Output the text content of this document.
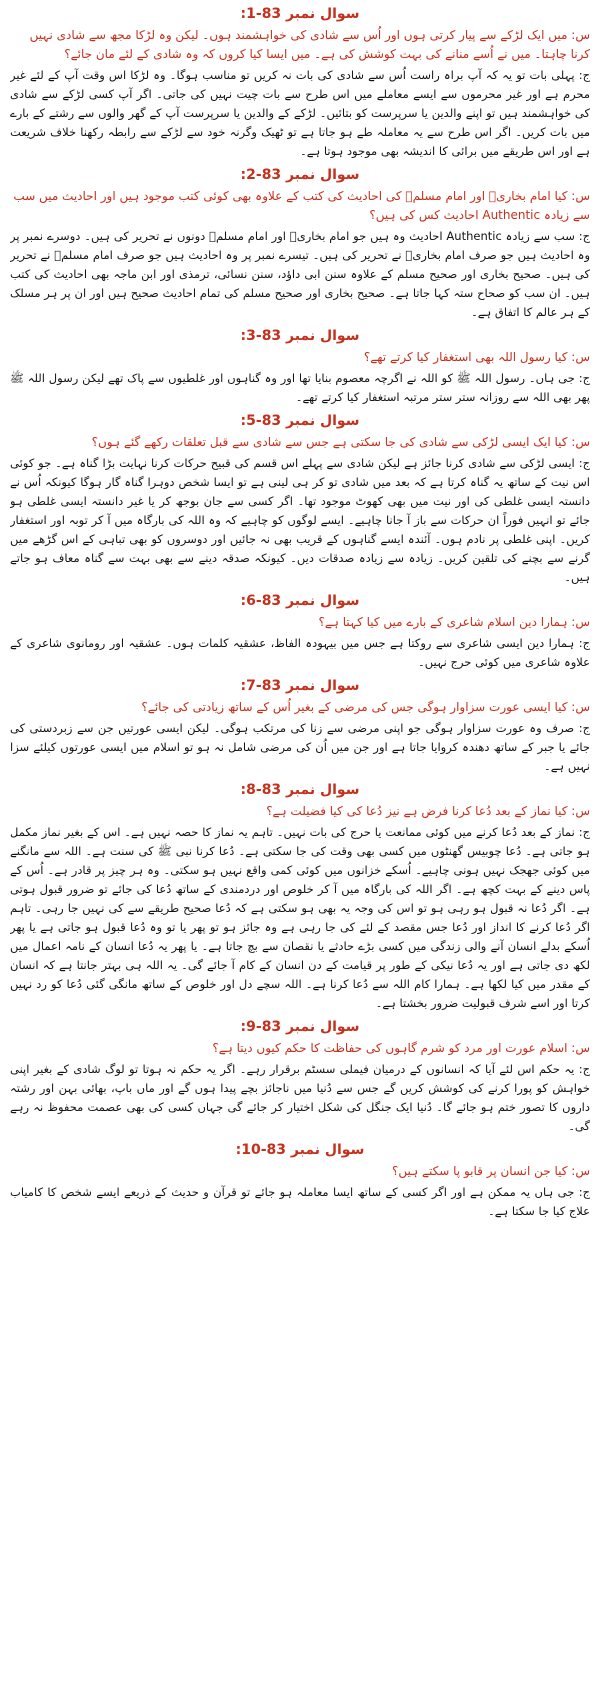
سوال نمبر 83-1:
س: میں ایک لڑکے سے پیار کرتی ہوں اور اُس سے شادی کی خواہشمند ہوں۔ لیکن وہ لڑکا مجھ سے شادی نہیں کرنا چاہتا۔ میں نے اُسے منانے کی بہت کوشش کی ہے۔ میں ایسا کیا کروں کہ وہ شادی کے لئے مان جائے؟
ج: پہلی بات تو یہ کہ آپ براہ راست اُس سے شادی کی بات نہ کریں تو مناسب ہوگا۔ وہ لڑکا اس وقت آپ کے لئے غیر محرم ہے اور غیر محرموں سے ایسے معاملے میں اس طرح سے بات چیت نہیں کی جاتی۔ اگر آپ کسی لڑکے سے شادی کی خواہشمند ہیں تو اپنے والدین یا سرپرست کو بتائیں۔ لڑکے کے والدین یا سرپرست آپ کے گھر والوں سے رشتے کے بارے میں بات کریں۔ اگر اس طرح سے یہ معاملہ طے ہو جاتا ہے تو ٹھیک وگرنہ خود سے لڑکے سے رابطہ رکھنا خلاف شریعت ہے اور اس طریقے میں برائی کا اندیشہ بھی موجود ہوتا ہے۔
سوال نمبر 83-2:
س: کیا امام بخاریؒ اور امام مسلمؒ کی احادیث کی کتب کے علاوہ بھی کوئی کتب موجود ہیں اور احادیث میں سب سے زیادہ Authentic احادیث کس کی ہیں؟
ج: سب سے زیادہ Authentic احادیث وہ ہیں جو امام بخاریؒ اور امام مسلمؒ دونوں نے تحریر کی ہیں۔ دوسرے نمبر پر وہ احادیث ہیں جو صرف امام بخاریؒ نے تحریر کی ہیں۔ تیسرے نمبر پر وہ احادیث ہیں جو صرف امام مسلمؒ نے تحریر کی ہیں۔ صحیح بخاری اور صحیح مسلم کے علاوہ سنن ابی داؤد، سنن نسائی، ترمذی اور ابن ماجہ بھی احادیث کی کتب ہیں۔ ان سب کو صحاح ستہ کہا جاتا ہے۔ صحیح بخاری اور صحیح مسلم کی تمام احادیث صحیح ہیں اور ان پر ہر مسلک کے ہر عالم کا اتفاق ہے۔
سوال نمبر 83-3:
س: کیا رسول اللہ بھی استغفار کیا کرتے تھے؟
ج: جی ہاں۔ رسول اللہ ﷺ کو اللہ نے اگرچہ معصوم بنایا تھا اور وہ گناہوں اور غلطیوں سے پاک تھے لیکن رسول اللہ ﷺ پھر بھی اللہ سے روزانہ ستر ستر مرتبہ استغفار کیا کرتے تھے۔
سوال نمبر 83-5:
س: کیا ایک ایسی لڑکی سے شادی کی جا سکتی ہے جس سے شادی سے قبل تعلقات رکھے گئے ہوں؟
ج: ایسی لڑکی سے شادی کرنا جائز ہے لیکن شادی سے پہلے اس قسم کی قبیح حرکات کرنا نہایت بڑا گناہ ہے۔ جو کوئی اس نیت کے ساتھ یہ گناہ کرتا ہے کہ بعد میں شادی تو کر ہی لینی ہے تو ایسا شخص دوہرا گناہ گار ہوگا کیونکہ اُس نے دانستہ ایسی غلطی کی اور نیت میں بھی کھوٹ موجود تھا۔ اگر کسی سے جان بوجھ کر یا غیر دانستہ ایسی غلطی ہو جائے تو انہیں فوراً ان حرکات سے باز آ جانا چاہیے۔ ایسے لوگوں کو چاہیے کہ وہ اللہ کی بارگاہ میں آ کر توبہ اور استغفار کریں۔ اپنی غلطی پر نادم ہوں۔ آئندہ ایسے گناہوں کے قریب بھی نہ جائیں اور دوسروں کو بھی تباہی کے اس گڑھے میں گرنے سے بچنے کی تلقین کریں۔ زیادہ سے زیادہ صدقات دیں۔ کیونکہ صدقہ دینے سے بھی بہت سے گناہ معاف ہو جاتے ہیں۔
سوال نمبر 83-6:
س: ہمارا دین اسلام شاعری کے بارے میں کیا کہتا ہے؟
ج: ہمارا دین ایسی شاعری سے روکتا ہے جس میں بیہودہ الفاظ، عشقیہ کلمات ہوں۔ عشقیہ اور رومانوی شاعری کے علاوہ شاعری میں کوئی حرج نہیں۔
سوال نمبر 83-7:
س: کیا ایسی عورت سزاوار ہوگی جس کی مرضی کے بغیر اُس کے ساتھ زیادتی کی جائے؟
ج: صرف وہ عورت سزاوار ہوگی جو اپنی مرضی سے زنا کی مرتکب ہوگی۔ لیکن ایسی عورتیں جن سے زبردستی کی جائے یا جبر کے ساتھ دھندہ کروایا جاتا ہے اور جن میں اُن کی مرضی شامل نہ ہو تو اسلام میں ایسی عورتوں کیلئے سزا نہیں ہے۔
سوال نمبر 83-8:
س: کیا نماز کے بعد دُعا کرنا فرض ہے نیز دُعا کی کیا فضیلت ہے؟
ج: نماز کے بعد دُعا کرنے میں کوئی ممانعت یا حرج کی بات نہیں۔ تاہم یہ نماز کا حصہ نہیں ہے۔ اس کے بغیر نماز مکمل ہو جاتی ہے۔ دُعا چوبیس گھنٹوں میں کسی بھی وقت کی جا سکتی ہے۔ دُعا کرنا نبی ﷺ کی سنت ہے۔ اللہ سے مانگنے میں کوئی جھجک نہیں ہونی چاہیے۔ اُسکے خزانوں میں کوئی کمی واقع نہیں ہو سکتی۔ وہ ہر چیز پر قادر ہے۔ اُس کے پاس دینے کے بہت کچھ ہے۔ اگر اللہ کی بارگاہ میں آ کر خلوص اور دردمندی کے ساتھ دُعا کی جائے تو ضرور قبول ہوتی ہے۔ اگر دُعا نہ قبول ہو رہی ہو تو اس کی وجہ یہ بھی ہو سکتی ہے کہ دُعا صحیح طریقے سے کی نہیں جا رہی۔ تاہم اگر دُعا کرنے کا انداز اور دُعا جس مقصد کے لئے کی جا رہی ہے وہ جائز ہو تو پھر یا تو وہ دُعا قبول ہو جاتی ہے یا پھر اُسکے بدلے انسان آنے والی زندگی میں کسی بڑے حادثے یا نقصان سے بچ جاتا ہے۔ یا پھر یہ دُعا انسان کے نامہ اعمال میں لکھ دی جاتی ہے اور یہ دُعا نیکی کے طور پر قیامت کے دن انسان کے کام آ جائے گی۔ یہ اللہ ہی بہتر جانتا ہے کہ انسان کے مقدر میں کیا لکھا ہے۔ ہمارا کام اللہ سے دُعا کرنا ہے۔ اللہ سچے دل اور خلوص کے ساتھ مانگی گئی دُعا کو رد نہیں کرتا اور اسے شرف قبولیت ضرور بخشتا ہے۔
سوال نمبر 83-9:
س: اسلام عورت اور مرد کو شرم گاہوں کی حفاظت کا حکم کیوں دیتا ہے؟
ج: یہ حکم اس لئے آیا کہ انسانوں کے درمیان فیملی سسٹم برقرار رہے۔ اگر یہ حکم نہ ہوتا تو لوگ شادی کے بغیر اپنی خواہش کو پورا کرنے کی کوشش کریں گے جس سے دُنیا میں ناجائز بچے پیدا ہوں گے اور ماں باپ، بھائی بہن اور رشتہ داروں کا تصور ختم ہو جائے گا۔ دُنیا ایک جنگل کی شکل اختیار کر جائے گی جہاں کسی کی بھی عصمت محفوظ نہ رہے گی۔
سوال نمبر 83-10:
س: کیا جن انسان پر قابو پا سکتے ہیں؟
ج: جی ہاں یہ ممکن ہے اور اگر کسی کے ساتھ ایسا معاملہ ہو جائے تو قرآن و حدیث کے ذریعے ایسے شخص کا کامیاب علاج کیا جا سکتا ہے۔
